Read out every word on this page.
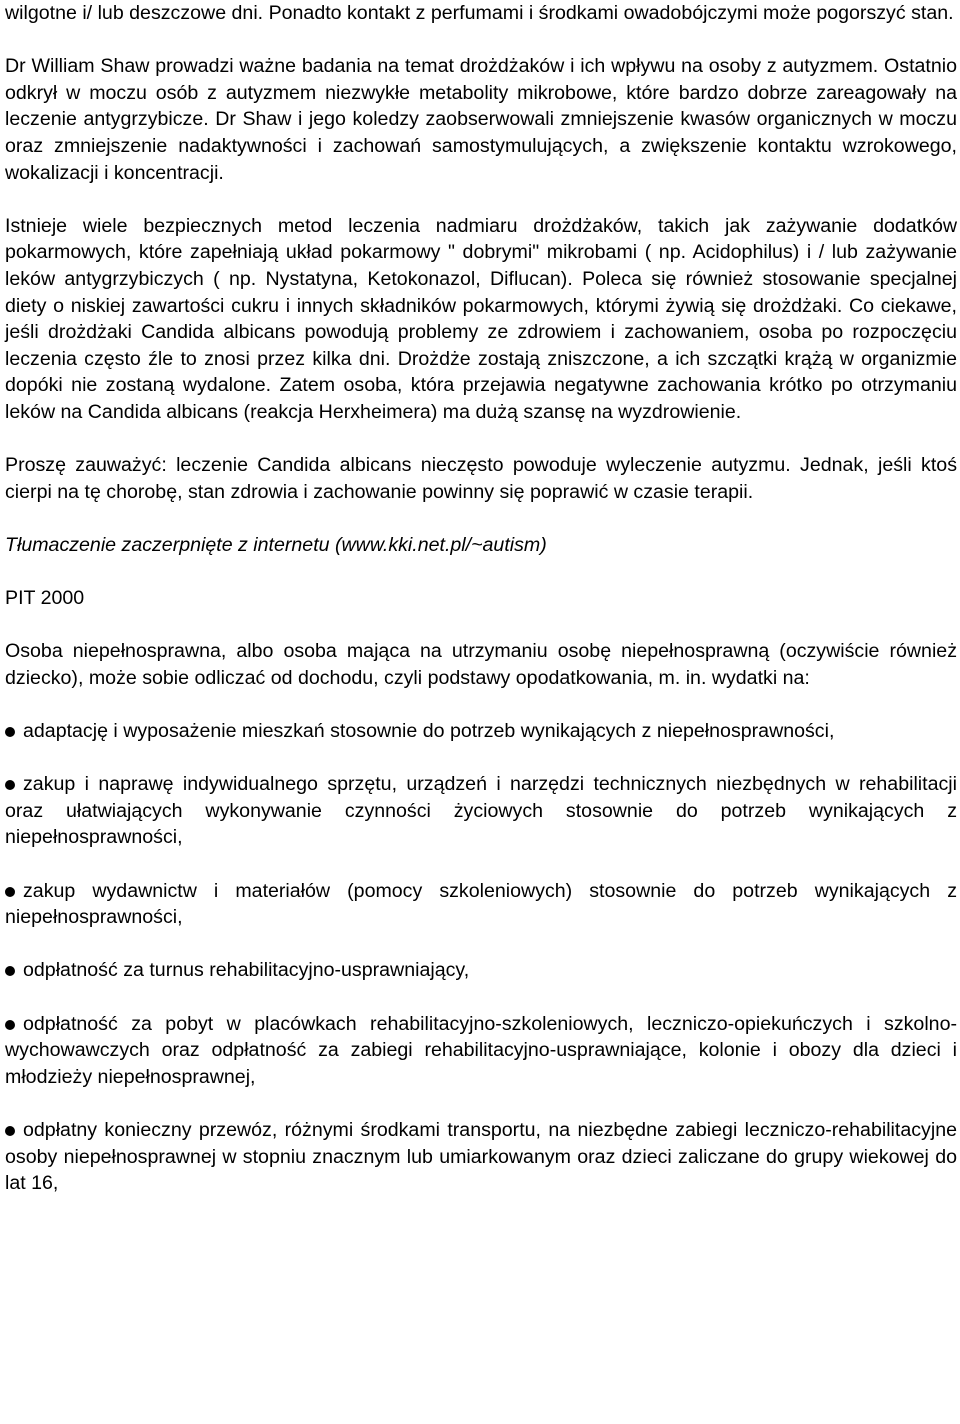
wilgotne i/ lub deszczowe dni. Ponadto kontakt z perfumami i środkami owadobójczymi może pogorszyć stan.

Dr William Shaw prowadzi ważne badania na temat drożdżaków i ich wpływu na osoby z autyzmem. Ostatnio odkrył w moczu osób z autyzmem niezwykłe metabolity mikrobowe, które bardzo dobrze zareagowały na leczenie antygrzybicze. Dr Shaw i jego koledzy zaobserwowali zmniejszenie kwasów organicznych w moczu oraz zmniejszenie nadaktywności i zachowań samostymulujących, a zwiększenie kontaktu wzrokowego, wokalizacji i koncentracji.

Istnieje wiele bezpiecznych metod leczenia nadmiaru drożdżaków, takich jak zażywanie dodatków pokarmowych, które zapełniają układ pokarmowy " dobrymi" mikrobami ( np. Acidophilus) i / lub zażywanie leków antygrzybiczych ( np. Nystatyna, Ketokonazol, Diflucan). Poleca się również stosowanie specjalnej diety o niskiej zawartości cukru i innych składników pokarmowych, którymi żywią się drożdżaki. Co ciekawe, jeśli drożdżaki Candida albicans powodują problemy ze zdrowiem i zachowaniem, osoba po rozpoczęciu leczenia często źle to znosi przez kilka dni. Drożdże zostają zniszczone, a ich szczątki krążą w organizmie dopóki nie zostaną wydalone. Zatem osoba, która przejawia negatywne zachowania krótko po otrzymaniu leków na Candida albicans (reakcja Herxheimera) ma dużą szansę na wyzdrowienie.

Proszę zauważyć: leczenie Candida albicans nieczęsto powoduje wyleczenie autyzmu. Jednak, jeśli ktoś cierpi na tę chorobę, stan zdrowia i zachowanie powinny się poprawić w czasie terapii.

Tłumaczenie zaczerpnięte z internetu (www.kki.net.pl/~autism)

PIT 2000

Osoba niepełnosprawna, albo osoba mająca na utrzymaniu osobę niepełnosprawną (oczywiście również dziecko), może sobie odliczać od dochodu, czyli podstawy opodatkowania, m. in. wydatki na:

adaptację i wyposażenie mieszkań stosownie do potrzeb wynikających z niepełnosprawności,
zakup i naprawę indywidualnego sprzętu, urządzeń i narzędzi technicznych niezbędnych w rehabilitacji oraz ułatwiających wykonywanie czynności życiowych stosownie do potrzeb wynikających z niepełnosprawności,
zakup wydawnictw i materiałów (pomocy szkoleniowych) stosownie do potrzeb wynikających z niepełnosprawności,
odpłatność za turnus rehabilitacyjno-usprawniający,
odpłatność za pobyt w placówkach rehabilitacyjno-szkoleniowych, leczniczo-opiekuńczych i szkolno-wychowawczych oraz odpłatność za zabiegi rehabilitacyjno-usprawniające, kolonie i obozy dla dzieci i młodzieży niepełnosprawnej,
odpłatny konieczny przewóz, różnymi środkami transportu, na niezbędne zabiegi leczniczo-rehabilitacyjne osoby niepełnosprawnej w stopniu znacznym lub umiarkowanym oraz dzieci zaliczane do grupy wiekowej do lat 16,
